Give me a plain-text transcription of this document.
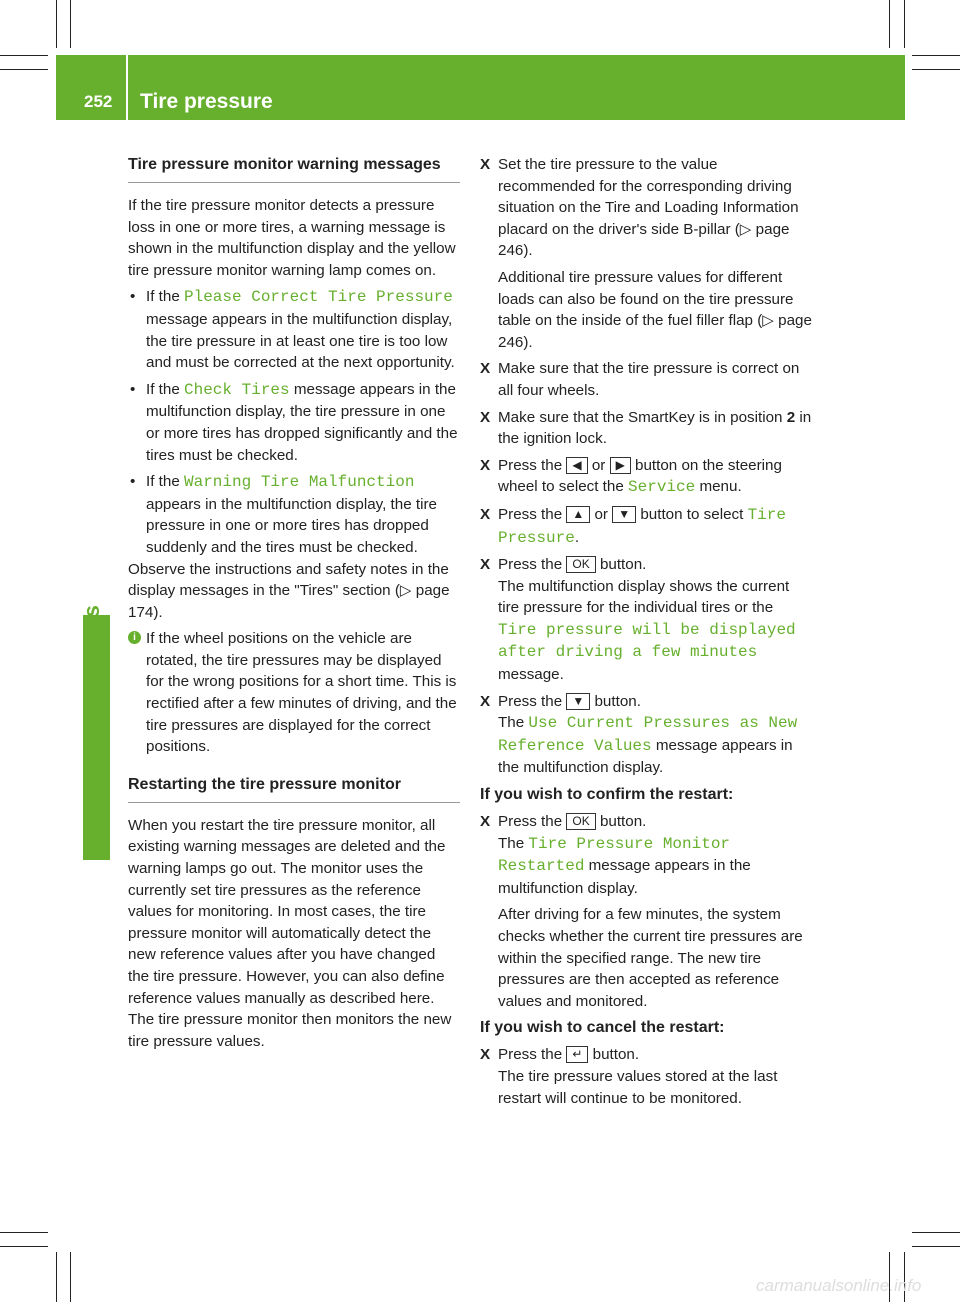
252 Tire pressure
Wheels and tires

Tire pressure monitor warning messages

If the tire pressure monitor detects a pressure loss in one or more tires, a warning message is shown in the multifunction display and the yellow tire pressure monitor warning lamp comes on.

• If the Please Correct Tire Pressure message appears in the multifunction display, the tire pressure in at least one tire is too low and must be corrected at the next opportunity.

• If the Check Tires message appears in the multifunction display, the tire pressure in one or more tires has dropped significantly and the tires must be checked.

• If the Warning Tire Malfunction appears in the multifunction display, the tire pressure in one or more tires has dropped suddenly and the tires must be checked.

Observe the instructions and safety notes in the display messages in the "Tires" section (▷ page 174).

i If the wheel positions on the vehicle are rotated, the tire pressures may be displayed for the wrong positions for a short time. This is rectified after a few minutes of driving, and the tire pressures are displayed for the correct positions.

Restarting the tire pressure monitor

When you restart the tire pressure monitor, all existing warning messages are deleted and the warning lamps go out. The monitor uses the currently set tire pressures as the reference values for monitoring. In most cases, the tire pressure monitor will automatically detect the new reference values after you have changed the tire pressure. However, you can also define reference values manually as described here. The tire pressure monitor then monitors the new tire pressure values.

X Set the tire pressure to the value recommended for the corresponding driving situation on the Tire and Loading Information placard on the driver's side B-pillar (▷ page 246).

Additional tire pressure values for different loads can also be found on the tire pressure table on the inside of the fuel filler flap (▷ page 246).

X Make sure that the tire pressure is correct on all four wheels.

X Make sure that the SmartKey is in position 2 in the ignition lock.

X Press the ◀ or ▶ button on the steering wheel to select the Service menu.

X Press the ▲ or ▼ button to select Tire Pressure.

X Press the OK button.
The multifunction display shows the current tire pressure for the individual tires or the Tire pressure will be displayed after driving a few minutes message.

X Press the ▼ button.
The Use Current Pressures as New Reference Values message appears in the multifunction display.

If you wish to confirm the restart:

X Press the OK button.
The Tire Pressure Monitor Restarted message appears in the multifunction display.

After driving for a few minutes, the system checks whether the current tire pressures are within the specified range. The new tire pressures are then accepted as reference values and monitored.

If you wish to cancel the restart:

X Press the ↵ button.
The tire pressure values stored at the last restart will continue to be monitored.

carmanualsonline.info
